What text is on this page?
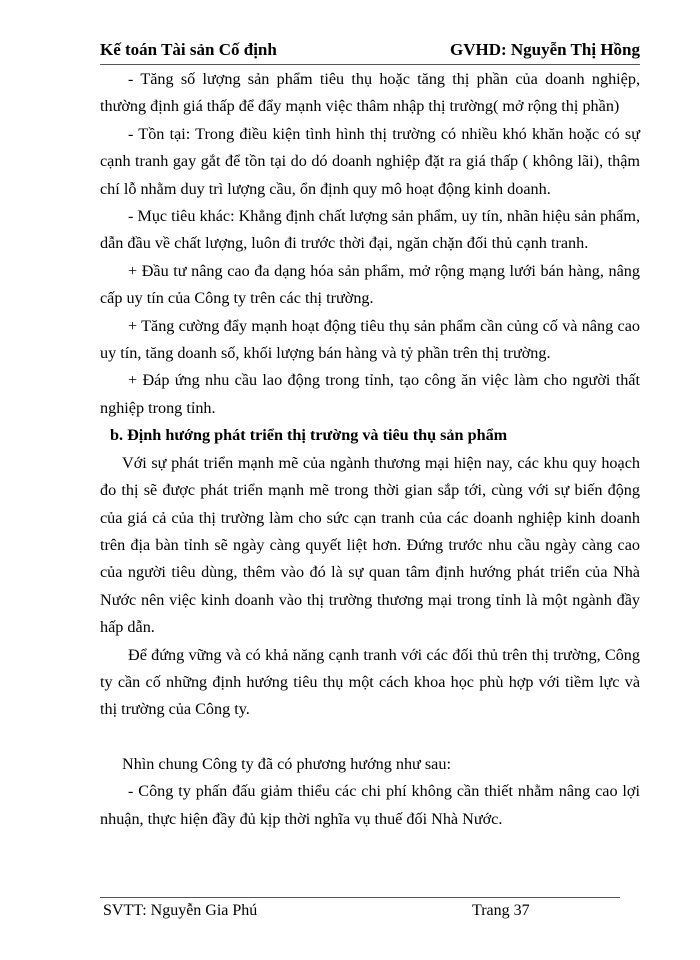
Kế toán Tài sản Cố định	GVHD: Nguyễn Thị Hồng

- Tăng số lượng sản phẩm tiêu thụ hoặc tăng thị phần của doanh nghiệp, thường định giá thấp để đẩy mạnh việc thâm nhập thị trường( mở rộng thị phần)

- Tồn tại: Trong điều kiện tình hình thị trường có nhiều khó khăn hoặc có sự cạnh tranh gay gắt để tồn tại do dó doanh nghiệp đặt ra giá thấp ( không lãi), thậm chí lỗ nhằm duy trì lượng cầu, ổn định quy mô hoạt động kinh doanh.

- Mục tiêu khác: Khẳng định chất lượng sản phẩm, uy tín, nhãn hiệu sản phẩm, dẫn đầu về chất lượng, luôn đi trước thời đại, ngăn chặn đối thủ cạnh tranh.

+ Đầu tư nâng cao đa dạng hóa sản phẩm, mở rộng mạng lưới bán hàng, nâng cấp uy tín của Công ty trên các thị trường.

+ Tăng cường đẩy mạnh hoạt động tiêu thụ sản phẩm cần củng cố và nâng cao uy tín, tăng doanh số, khối lượng bán hàng và tỷ phần trên thị trường.

+ Đáp ứng nhu cầu lao động trong tỉnh, tạo công ăn việc làm cho người thất nghiệp trong tỉnh.

b. Định hướng phát triển thị trường và tiêu thụ sản phẩm

Với sự phát triển mạnh mẽ của ngành thương mại hiện nay, các khu quy hoạch đo thị sẽ được phát triển mạnh mẽ trong thời gian sắp tới, cùng với sự biến động của giá cả của thị trường làm cho sức cạn tranh của các doanh nghiệp kinh doanh trên địa bàn tỉnh sẽ ngày càng quyết liệt hơn. Đứng trước nhu cầu ngày càng cao của người tiêu dùng, thêm vào đó là sự quan tâm định hướng phát triển của Nhà Nước nên việc kinh doanh vào thị trường thương mại trong tỉnh là một ngành đầy hấp dẫn.

Để đứng vững và có khả năng cạnh tranh với các đối thủ trên thị trường, Công ty cần cố những định hướng tiêu thụ một cách khoa học phù hợp với tiềm lực và thị trường của Công ty.

Nhìn chung Công ty đã có phương hướng như sau:

- Công ty phấn đấu giảm thiểu các chi phí không cần thiết nhằm nâng cao lợi nhuận, thực hiện đầy đủ kịp thời nghĩa vụ thuế đối Nhà Nước.

SVTT: Nguyễn Gia Phú	Trang 37
